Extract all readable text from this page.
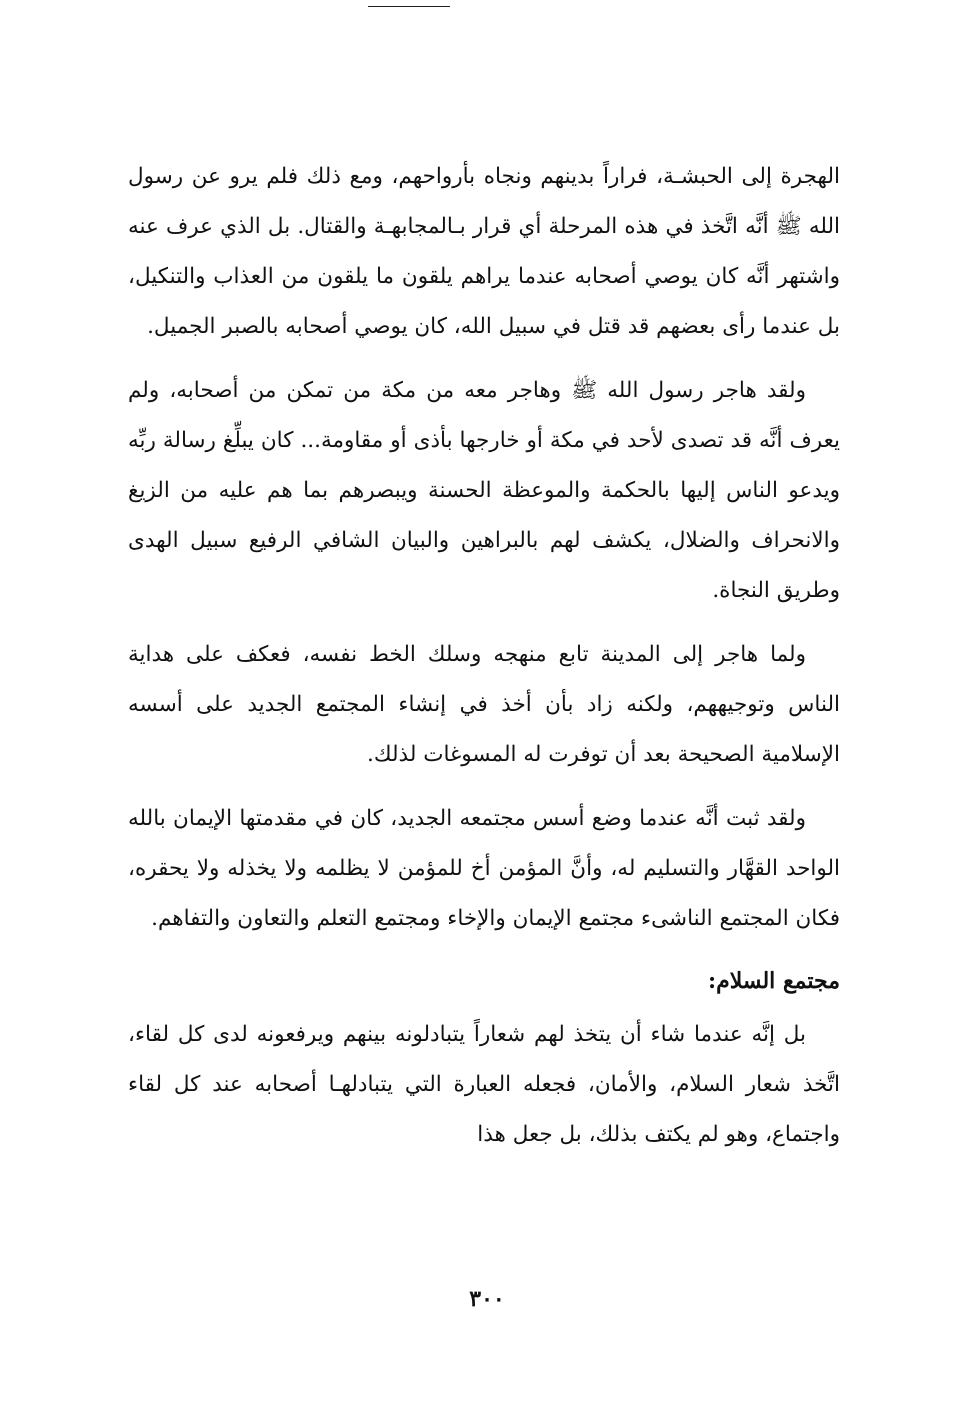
الهجرة إلى الحبشـة، فراراً بدينهم ونجاه بأرواحهم، ومع ذلك فلم يرو عن رسول الله ﷺ أنَّه اتَّخذ في هذه المرحلة أي قرار بـالمجابهـة والقتال. بل الذي عرف عنه واشتهر أنَّه كان يوصي أصحابه عندما يراهم يلقون ما يلقون من العذاب والتنكيل، بل عندما رأى بعضهم قد قتل في سبيل الله، كان يوصي أصحابه بالصبر الجميل.

ولقد هاجر رسول الله ﷺ وهاجر معه من مكة من تمكن من أصحابه، ولم يعرف أنَّه قد تصدى لأحد في مكة أو خارجها بأذى أو مقاومة... كان يبلِّغ رسالة ربِّه ويدعو الناس إليها بالحكمة والموعظة الحسنة ويبصرهم بما هم عليه من الزيغ والانحراف والضلال، يكشف لهم بالبراهين والبيان الشافي الرفيع سبيل الهدى وطريق النجاة.

ولما هاجر إلى المدينة تابع منهجه وسلك الخط نفسه، فعكف على هداية الناس وتوجيههم، ولكنه زاد بأن أخذ في إنشاء المجتمع الجديد على أسسه الإسلامية الصحيحة بعد أن توفرت له المسوغات لذلك.

ولقد ثبت أنَّه عندما وضع أسس مجتمعه الجديد، كان في مقدمتها الإيمان بالله الواحد القهَّار والتسليم له، وأنَّ المؤمن أخ للمؤمن لا يظلمه ولا يخذله ولا يحقره، فكان المجتمع الناشىء مجتمع الإيمان والإخاء ومجتمع التعلم والتعاون والتفاهم.

مجتمع السلام:

بل إنَّه عندما شاء أن يتخذ لهم شعاراً يتبادلونه بينهم ويرفعونه لدى كل لقاء، اتَّخذ شعار السلام، والأمان، فجعله العبارة التي يتبادلهـا أصحابه عند كل لقاء واجتماع، وهو لم يكتف بذلك، بل جعل هذا

٣٠٠
